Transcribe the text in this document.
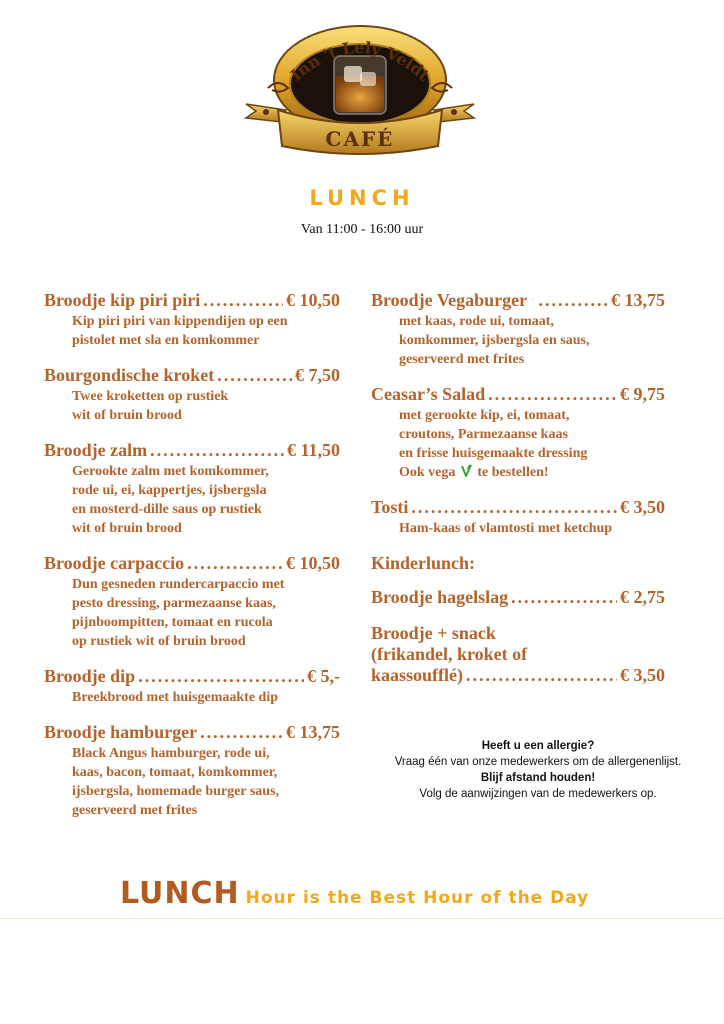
Inn 't Lely Veldt
CAFÉ
LUNCH
Van 11:00 - 16:00 uur
Broodje kip piri piri .....	€ 10,50
Kip piri piri van kippendijen op een
pistolet met sla en komkommer
Bourgondische kroket .....	€ 7,50
Twee kroketten op rustiek
wit of bruin brood
Broodje zalm .....	€ 11,50
Gerookte zalm met komkommer,
rode ui, ei, kappertjes, ijsbergsla
en mosterd-dille saus op rustiek
wit of bruin brood
Broodje carpaccio .....	€ 10,50
Dun gesneden rundercarpaccio met
pesto dressing, parmezaanse kaas,
pijnboompitten, tomaat en rucola
op rustiek wit of bruin brood
Broodje dip .....	€ 5,-
Breekbrood met huisgemaakte dip
Broodje hamburger .....	€ 13,75
Black Angus hamburger, rode ui,
kaas, bacon, tomaat, komkommer,
ijsbergsla, homemade burger saus,
geserveerd met frites
Broodje Vegaburger .....	€ 13,75
met kaas, rode ui, tomaat,
komkommer, ijsbergsla en saus,
geserveerd met frites
Ceasar’s Salad .....	€ 9,75
met gerookte kip, ei, tomaat,
croutons, Parmezaanse kaas
en frisse huisgemaakte dressing
Ook vega te bestellen!
Tosti .....	€ 3,50
Ham-kaas of vlamtosti met ketchup
Kinderlunch:
Broodje hagelslag .....	€ 2,75
Broodje + snack
(frikandel, kroket of
kaassoufflé) .....	€ 3,50
Heeft u een allergie?
Vraag één van onze medewerkers om de allergenenlijst.
Blijf afstand houden!
Volg de aanwijzingen van de medewerkers op.
LUNCH Hour is the Best Hour of the Day
